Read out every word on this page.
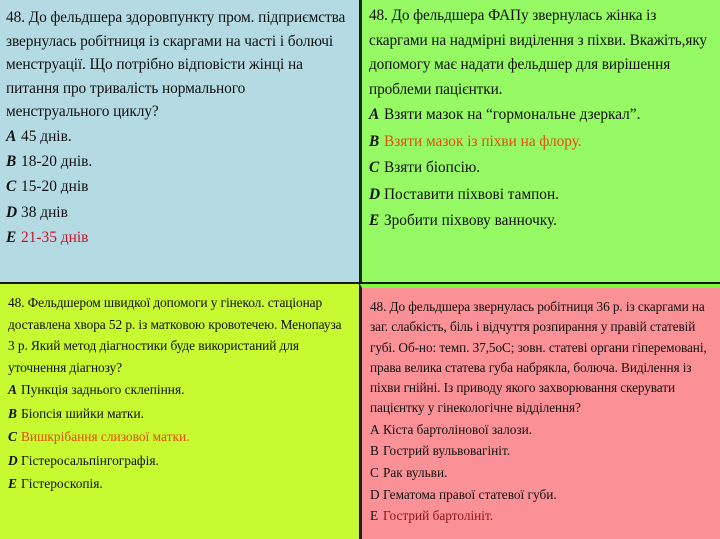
48. До фельдшера здоровпункту пром. підприємства звернулась робітниця із скаргами на часті і болючі менструації. Що потрібно відповісти жінці на питання про тривалість нормального менструального циклу?

A 45 днів.
B 18-20 днів.
C 15-20 днів
D 38 днів
E 21-35 днів

48. До фельдшера ФАПу звернулась жінка із скаргами на надмірні виділення з піхви. Вкажіть,яку допомогу має надати фельдшер для вирішення проблеми пацієнтки.

A Взяти мазок на “гормональне дзеркал”.
B Взяти мазок із піхви на флору.
C Взяти біопсію.
D Поставити піхвові тампон.
E Зробити піхвову ванночку.

48. Фельдшером швидкої допомоги у гінекол. стаціонар доставлена хвора 52 р. із матковою кровотечею. Менопауза 3 р. Який метод діагностики буде використаний для уточнення діагнозу?

A Пункція заднього склепіння.
B Біопсія шийки матки.
C Вишкрібання слизової матки.
D Гістеросальпінгографія.
E Гістероскопія.

48. До фельдшера звернулась робітниця 36 р. із скаргами на заг. слабкість, біль і відчуття розпирання у правій статевій губі. Об-но: темп. 37,5оС; зовн. статеві органи гіперемовані, права велика статева губа набрякла, болюча. Виділення із піхви гнійні. Із приводу якого захворювання скерувати пацієнтку у гінекологічне відділення?

A Кіста бартолінової залози.
B Гострий вульвовагініт.
C Рак вульви.
D Гематома правої статевої губи.
E Гострий бартолініт.
